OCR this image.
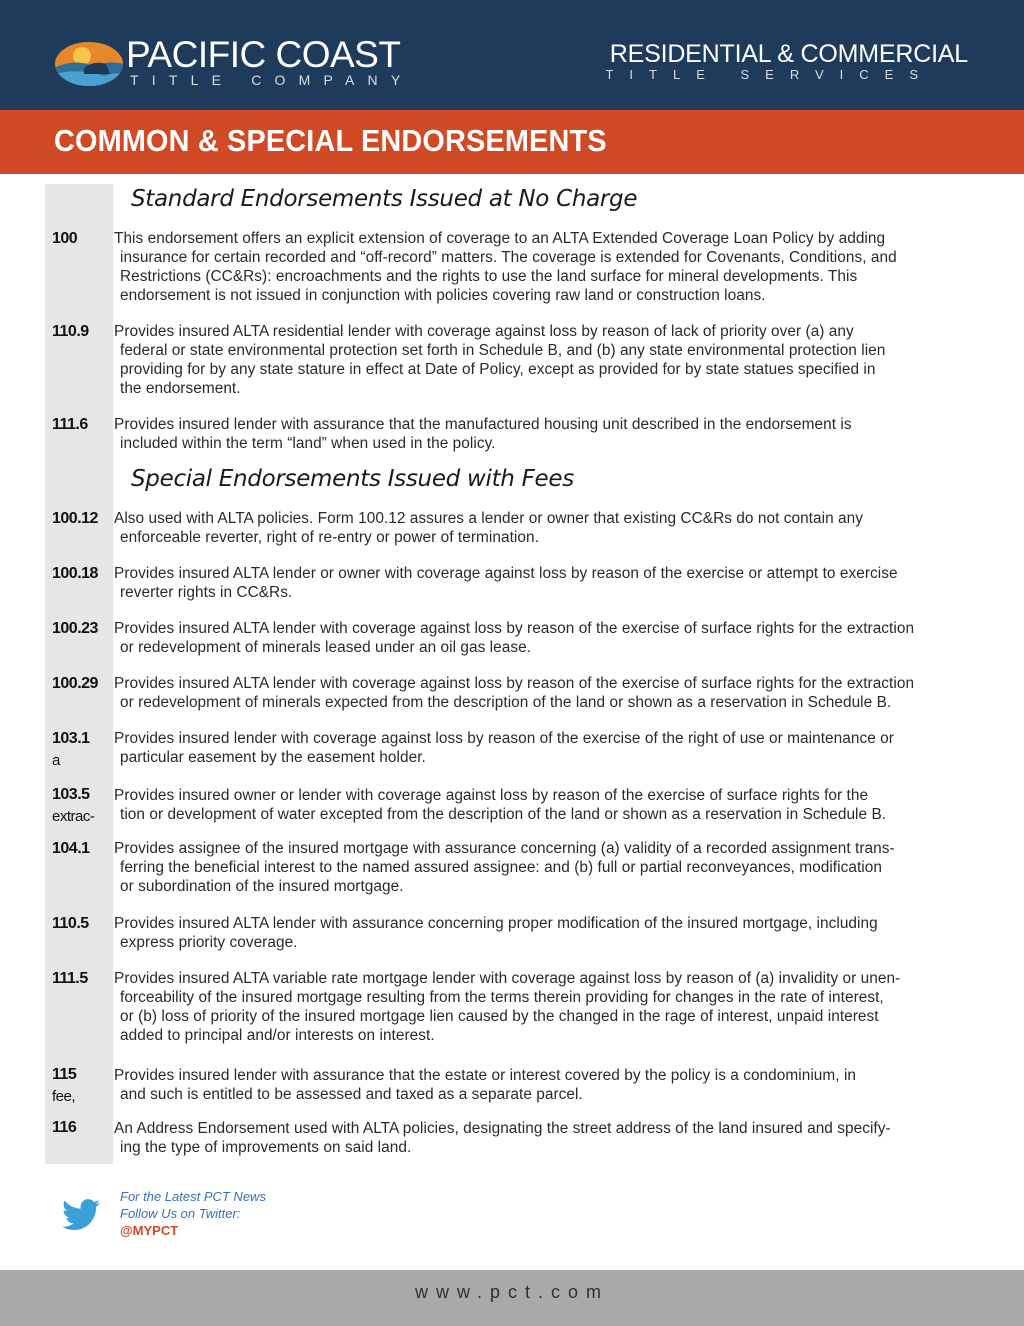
PACIFIC COAST
TITLE COMPANY
RESIDENTIAL & COMMERCIAL
TITLE SERVICES
COMMON & SPECIAL ENDORSEMENTS
Standard Endorsements Issued at No Charge
100 This endorsement offers an explicit extension of coverage to an ALTA Extended Coverage Loan Policy by adding
insurance for certain recorded and “off-record” matters. The coverage is extended for Covenants, Conditions, and Restrictions (CC&Rs): encroachments and the rights to use the land surface for mineral developments. This endorsement is not issued in conjunction with policies covering raw land or construction loans.
110.9 Provides insured ALTA residential lender with coverage against loss by reason of lack of priority over (a) any
federal or state environmental protection set forth in Schedule B, and (b) any state environmental protection lien providing for by any state stature in effect at Date of Policy, except as provided for by state statues specified in the endorsement.
111.6 Provides insured lender with assurance that the manufactured housing unit described in the endorsement is
included within the term “land” when used in the policy.
Special Endorsements Issued with Fees
100.12 Also used with ALTA policies. Form 100.12 assures a lender or owner that existing CC&Rs do not contain any
enforceable reverter, right of re-entry or power of termination.
100.18 Provides insured ALTA lender or owner with coverage against loss by reason of the exercise or attempt to exercise
reverter rights in CC&Rs.
100.23 Provides insured ALTA lender with coverage against loss by reason of the exercise of surface rights for the extraction
or redevelopment of minerals leased under an oil gas lease.
100.29 Provides insured ALTA lender with coverage against loss by reason of the exercise of surface rights for the extraction
or redevelopment of minerals expected from the description of the land or shown as a reservation in Schedule B.
103.1
a
Provides insured lender with coverage against loss by reason of the exercise of the right of use or maintenance or
particular easement by the easement holder.
103.5
extrac-
Provides insured owner or lender with coverage against loss by reason of the exercise of surface rights for the
tion or development of water excepted from the description of the land or shown as a reservation in Schedule B.
104.1 Provides assignee of the insured mortgage with assurance concerning (a) validity of a recorded assignment trans-
ferring the beneficial interest to the named assured assignee: and (b) full or partial reconveyances, modification or subordination of the insured mortgage.
110.5 Provides insured ALTA lender with assurance concerning proper modification of the insured mortgage, including
express priority coverage.
111.5 Provides insured ALTA variable rate mortgage lender with coverage against loss by reason of (a) invalidity or unen-
forceability of the insured mortgage resulting from the terms therein providing for changes in the rate of interest, or (b) loss of priority of the insured mortgage lien caused by the changed in the rage of interest, unpaid interest added to principal and/or interests on interest.
115
fee,
Provides insured lender with assurance that the estate or interest covered by the policy is a condominium, in
and such is entitled to be assessed and taxed as a separate parcel.
116 An Address Endorsement used with ALTA policies, designating the street address of the land insured and specify-
ing the type of improvements on said land.
For the Latest PCT News
Follow Us on Twitter:
@MYPCT
www.pct.com
